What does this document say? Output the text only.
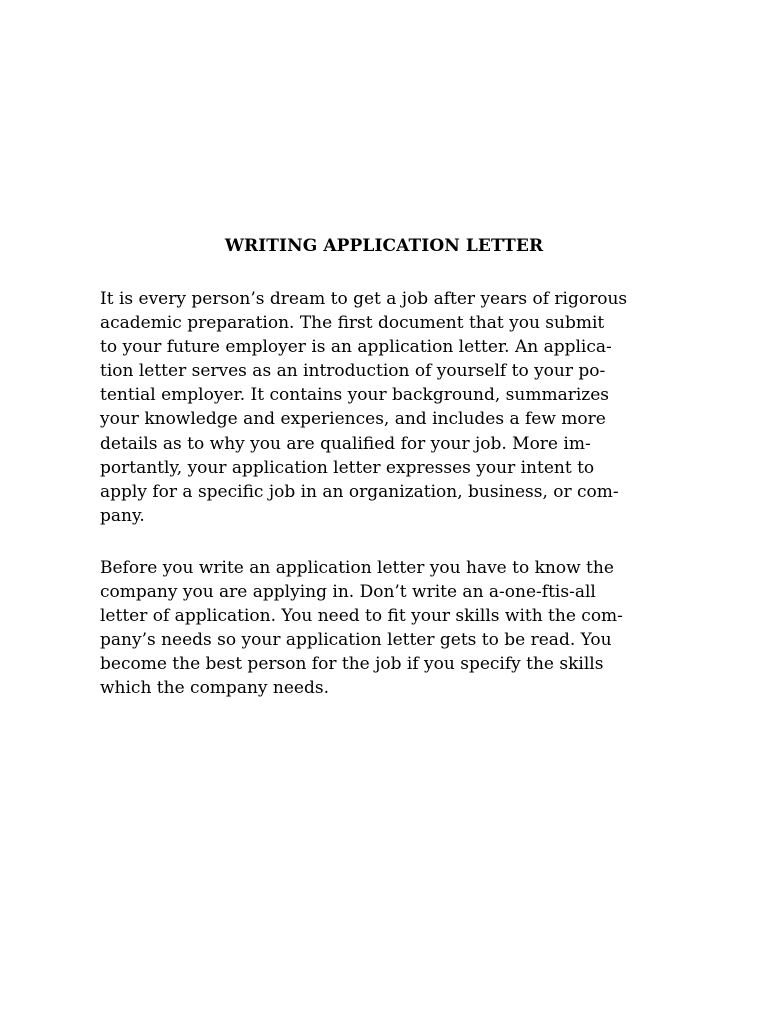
WRITING APPLICATION LETTER

It is every person’s dream to get a job after years of rigorous
academic preparation. The first document that you submit
to your future employer is an application letter. An applica-
tion letter serves as an introduction of yourself to your po-
tential employer. It contains your background, summarizes
your knowledge and experiences, and includes a few more
details as to why you are qualified for your job. More im-
portantly, your application letter expresses your intent to
apply for a specific job in an organization, business, or com-
pany.

Before you write an application letter you have to know the
company you are applying in. Don’t write an a-one-ftis-all
letter of application. You need to fit your skills with the com-
pany’s needs so your application letter gets to be read. You
become the best person for the job if you specify the skills
which the company needs.
